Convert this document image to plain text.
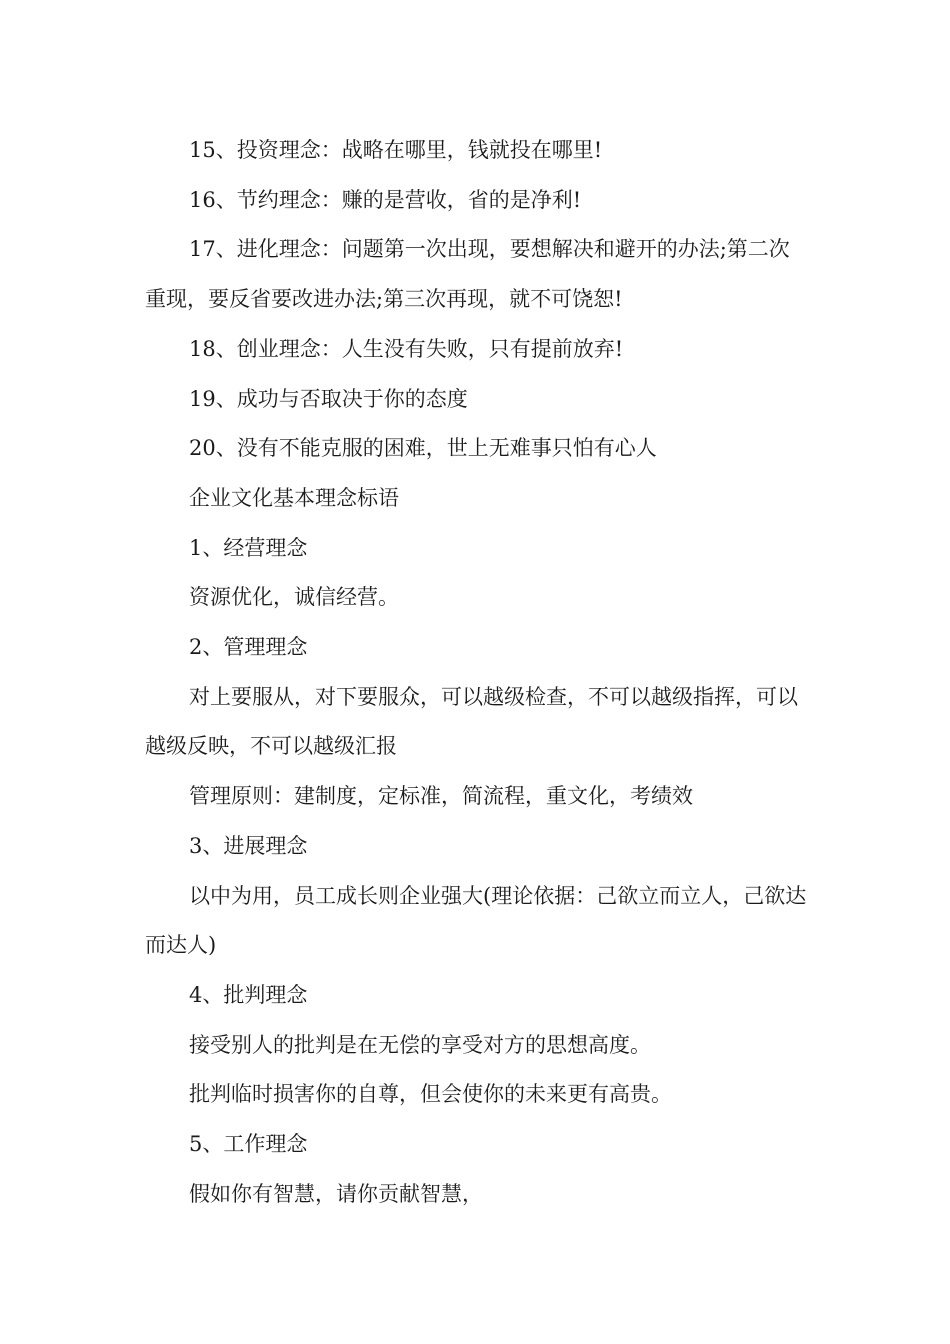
15、投资理念：战略在哪里，钱就投在哪里!

16、节约理念：赚的是营收，省的是净利!

17、进化理念：问题第一次出现，要想解决和避开的办法;第二次重现，要反省要改进办法;第三次再现，就不可饶恕!

18、创业理念：人生没有失败，只有提前放弃!

19、成功与否取决于你的态度

20、没有不能克服的困难，世上无难事只怕有心人

企业文化基本理念标语

1、经营理念

资源优化，诚信经营。

2、管理理念

对上要服从，对下要服众，可以越级检查，不可以越级指挥，可以越级反映，不可以越级汇报

管理原则：建制度，定标准，简流程，重文化，考绩效

3、进展理念

以中为用，员工成长则企业强大(理论依据：己欲立而立人，己欲达而达人)

4、批判理念

接受别人的批判是在无偿的享受对方的思想高度。

批判临时损害你的自尊，但会使你的未来更有高贵。

5、工作理念

假如你有智慧，请你贡献智慧，
